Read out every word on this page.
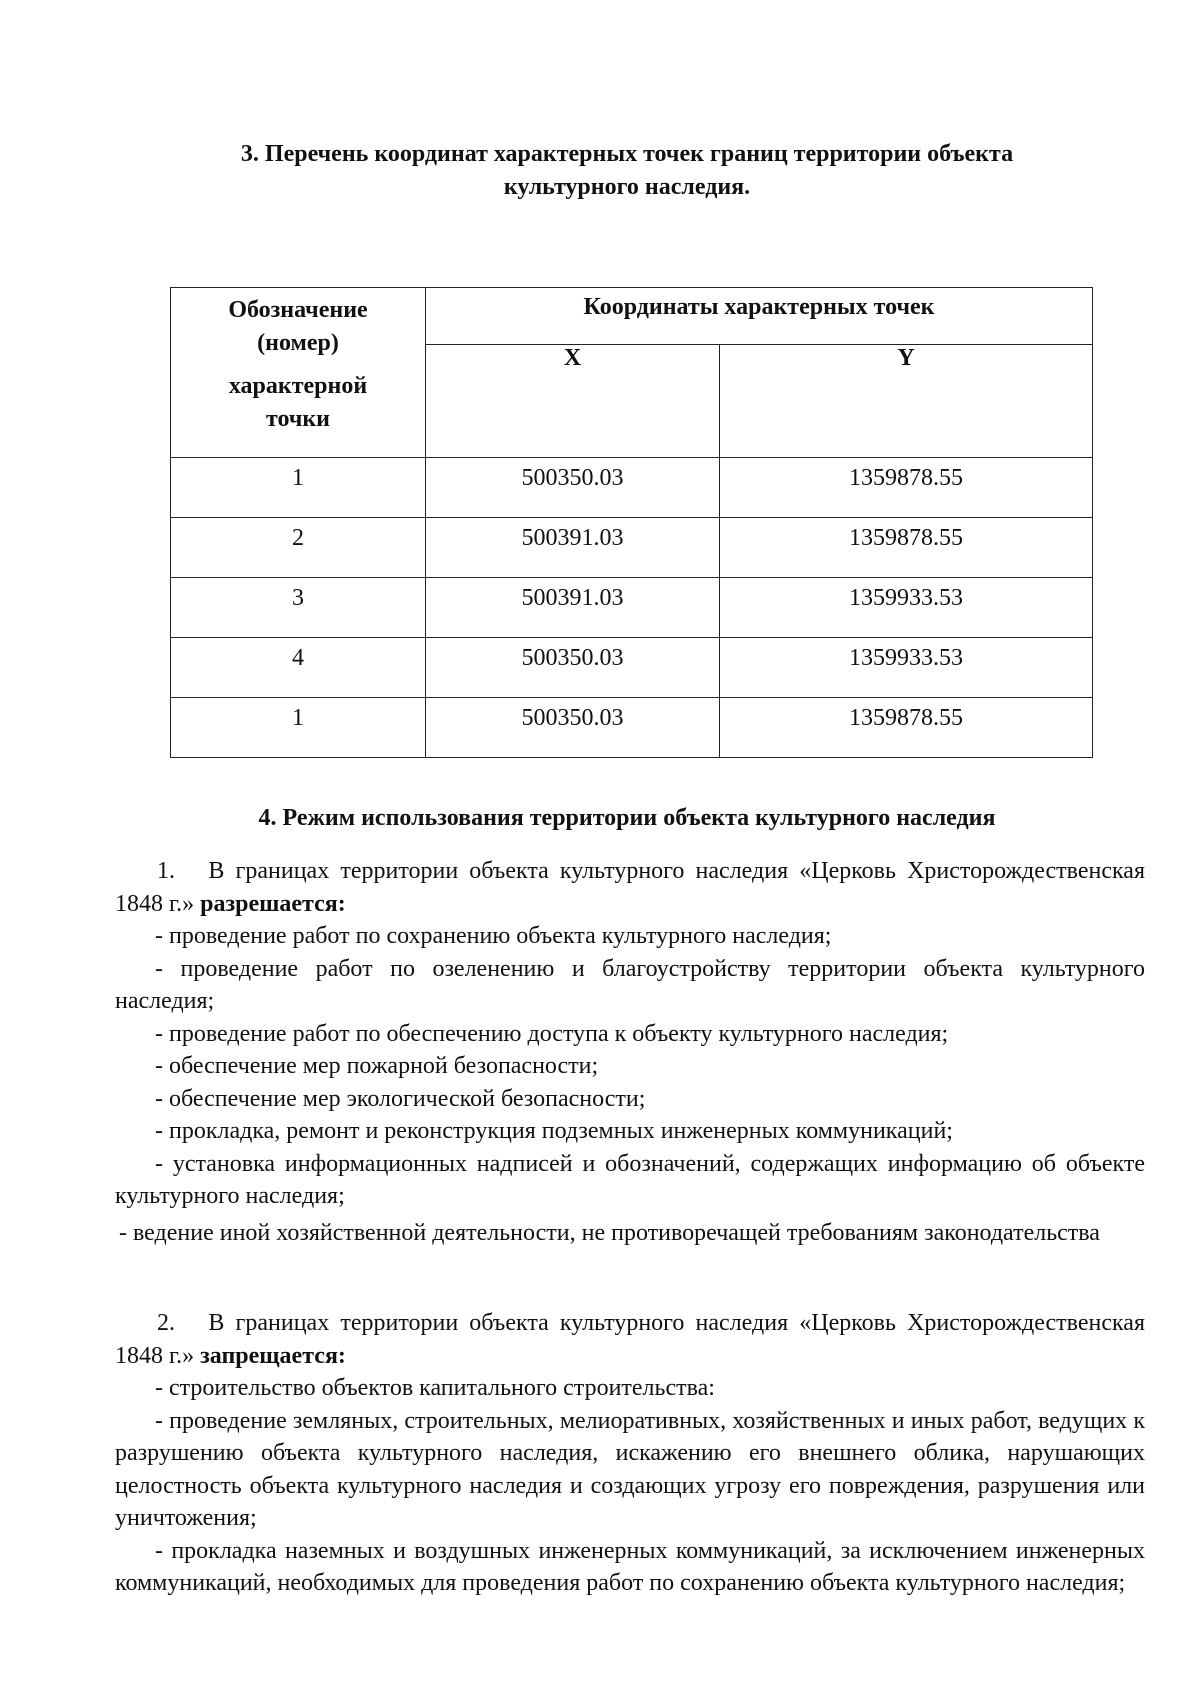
3. Перечень координат характерных точек границ территории объекта
культурного наследия.
Обозначение
(номер)
характерной
точки	Координаты характерных точек	
	X	Y
1	500350.03	1359878.55
2	500391.03	1359878.55
3	500391.03	1359933.53
4	500350.03	1359933.53
1	500350.03	1359878.55
4. Режим использования территории объекта культурного наследия

1.   В границах территории объекта культурного наследия «Церковь Христорождественская 1848 г.» разрешается:

- проведение работ по сохранению объекта культурного наследия;

- проведение работ по озеленению и благоустройству территории объекта культурного наследия;

- проведение работ по обеспечению доступа к объекту культурного наследия;

- обеспечение мер пожарной безопасности;

- обеспечение мер экологической безопасности;

- прокладка, ремонт и реконструкция подземных инженерных коммуникаций;

- установка информационных надписей и обозначений, содержащих информацию об объекте культурного наследия;

- ведение иной хозяйственной деятельности, не противоречащей требованиям законодательства

2.   В границах территории объекта культурного наследия «Церковь Христорождественская 1848 г.» запрещается:

- строительство объектов капитального строительства:

- проведение земляных, строительных, мелиоративных, хозяйственных и иных работ, ведущих к разрушению объекта культурного наследия, искажению его внешнего облика, нарушающих целостность объекта культурного наследия и создающих угрозу его повреждения, разрушения или уничтожения;

- прокладка наземных и воздушных инженерных коммуникаций, за исключением инженерных коммуникаций, необходимых для проведения работ по сохранению объекта культурного наследия;
